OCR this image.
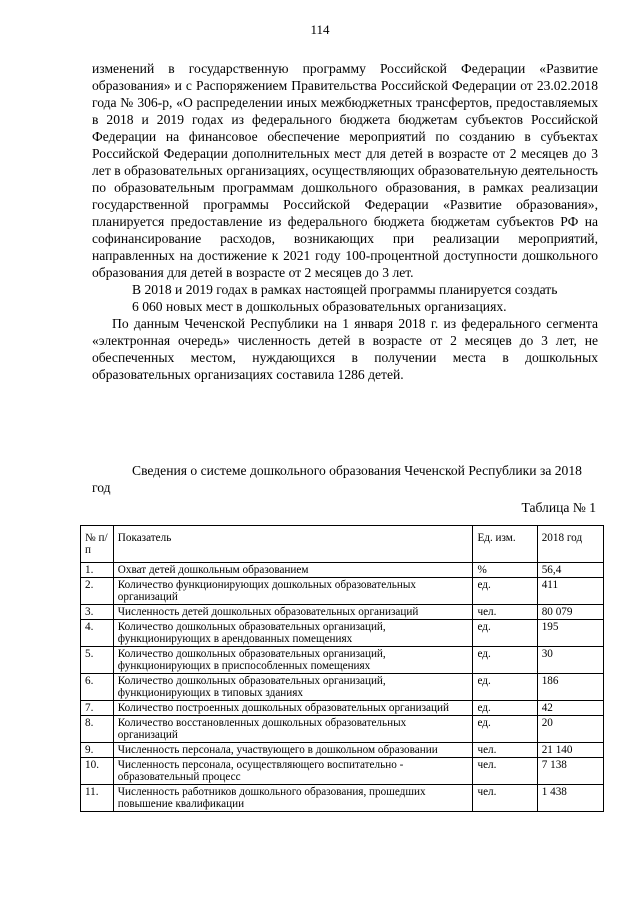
114

изменений в государственную программу Российской Федерации «Развитие образования» и с Распоряжением Правительства Российской Федерации от 23.02.2018 года № 306-р, «О распределении иных межбюджетных трансфертов, предоставляемых в 2018 и 2019 годах из федерального бюджета бюджетам субъектов Российской Федерации на финансовое обеспечение мероприятий по созданию в субъектах Российской Федерации дополнительных мест для детей в возрасте от 2 месяцев до 3 лет в образовательных организациях, осуществляющих образовательную деятельность по образовательным программам дошкольного образования, в рамках реализации государственной программы Российской Федерации «Развитие образования», планируется предоставление из федерального бюджета бюджетам субъектов РФ на софинансирование расходов, возникающих при реализации мероприятий, направленных на достижение к 2021 году 100-процентной доступности дошкольного образования для детей в возрасте от 2 месяцев до 3 лет.

В 2018 и 2019 годах в рамках настоящей программы планируется создать

6 060 новых мест в дошкольных образовательных организациях.

По данным Чеченской Республики на 1 января 2018 г. из федерального сегмента «электронная очередь» численность детей в возрасте от 2 месяцев до 3 лет, не обеспеченных местом, нуждающихся в получении места в дошкольных образовательных организациях составила 1286 детей.

Сведения о системе дошкольного образования Чеченской Республики за 2018 год
Таблица № 1
№ п/п	Показатель	Ед. изм.	2018 год
1.	Охват детей дошкольным образованием	%	56,4
2.	Количество функционирующих дошкольных образовательных организаций	ед.	411
3.	Численность детей дошкольных образовательных организаций	чел.	80 079
4.	Количество дошкольных образовательных организаций, функционирующих в арендованных помещениях	ед.	195
5.	Количество дошкольных образовательных организаций, функционирующих в приспособленных помещениях	ед.	30
6.	Количество дошкольных образовательных организаций, функционирующих в типовых зданиях	ед.	186
7.	Количество построенных дошкольных образовательных организаций	ед.	42
8.	Количество восстановленных дошкольных образовательных организаций	ед.	20
9.	Численность персонала, участвующего в дошкольном образовании	чел.	21 140
10.	Численность персонала, осуществляющего воспитательно - образовательный процесс	чел.	7 138
11.	Численность работников дошкольного образования, прошедших повышение квалификации	чел.	1 438
